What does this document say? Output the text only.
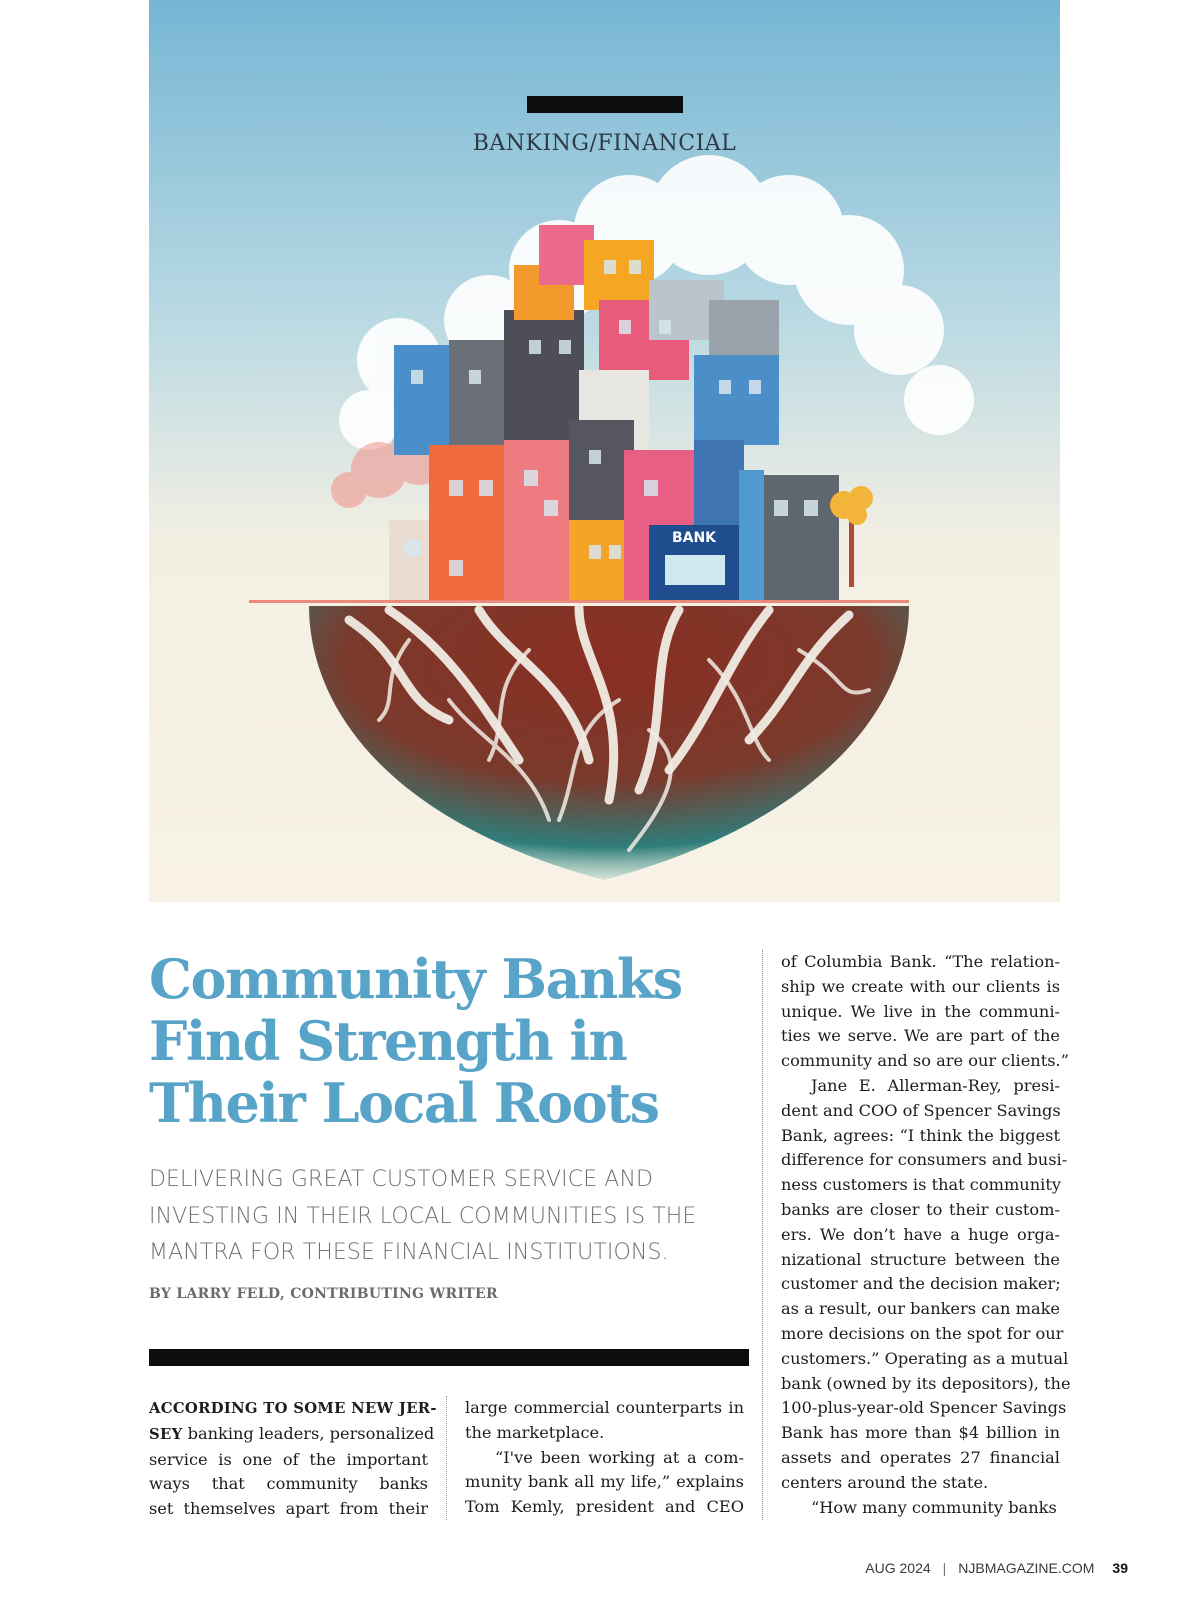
BANK
BANKING/FINANCIAL
Community Banks
Find Strength in
Their Local Roots

DELIVERING GREAT CUSTOMER SERVICE AND
INVESTING IN THEIR LOCAL COMMUNITIES IS THE
MANTRA FOR THESE FINANCIAL INSTITUTIONS.

BY LARRY FELD, CONTRIBUTING WRITER

ACCORDING TO SOME NEW JER-
SEY banking leaders, personalized
service is one of the important
ways that community banks
set themselves apart from their
large commercial counterparts in
the marketplace.
“I've been working at a com-
munity bank all my life,” explains
Tom Kemly, president and CEO
of Columbia Bank. “The relation-
ship we create with our clients is
unique. We live in the communi-
ties we serve. We are part of the
community and so are our clients.”
Jane E. Allerman-Rey, presi-
dent and COO of Spencer Savings
Bank, agrees: “I think the biggest
difference for consumers and busi-
ness customers is that community
banks are closer to their custom-
ers. We don’t have a huge orga-
nizational structure between the
customer and the decision maker;
as a result, our bankers can make
more decisions on the spot for our
customers.” Operating as a mutual
bank (owned by its depositors), the
100-plus-year-old Spencer Savings
Bank has more than $4 billion in
assets and operates 27 financial
centers around the state.
“How many community banks
AUG 2024 | NJBMAGAZINE.COM 39
